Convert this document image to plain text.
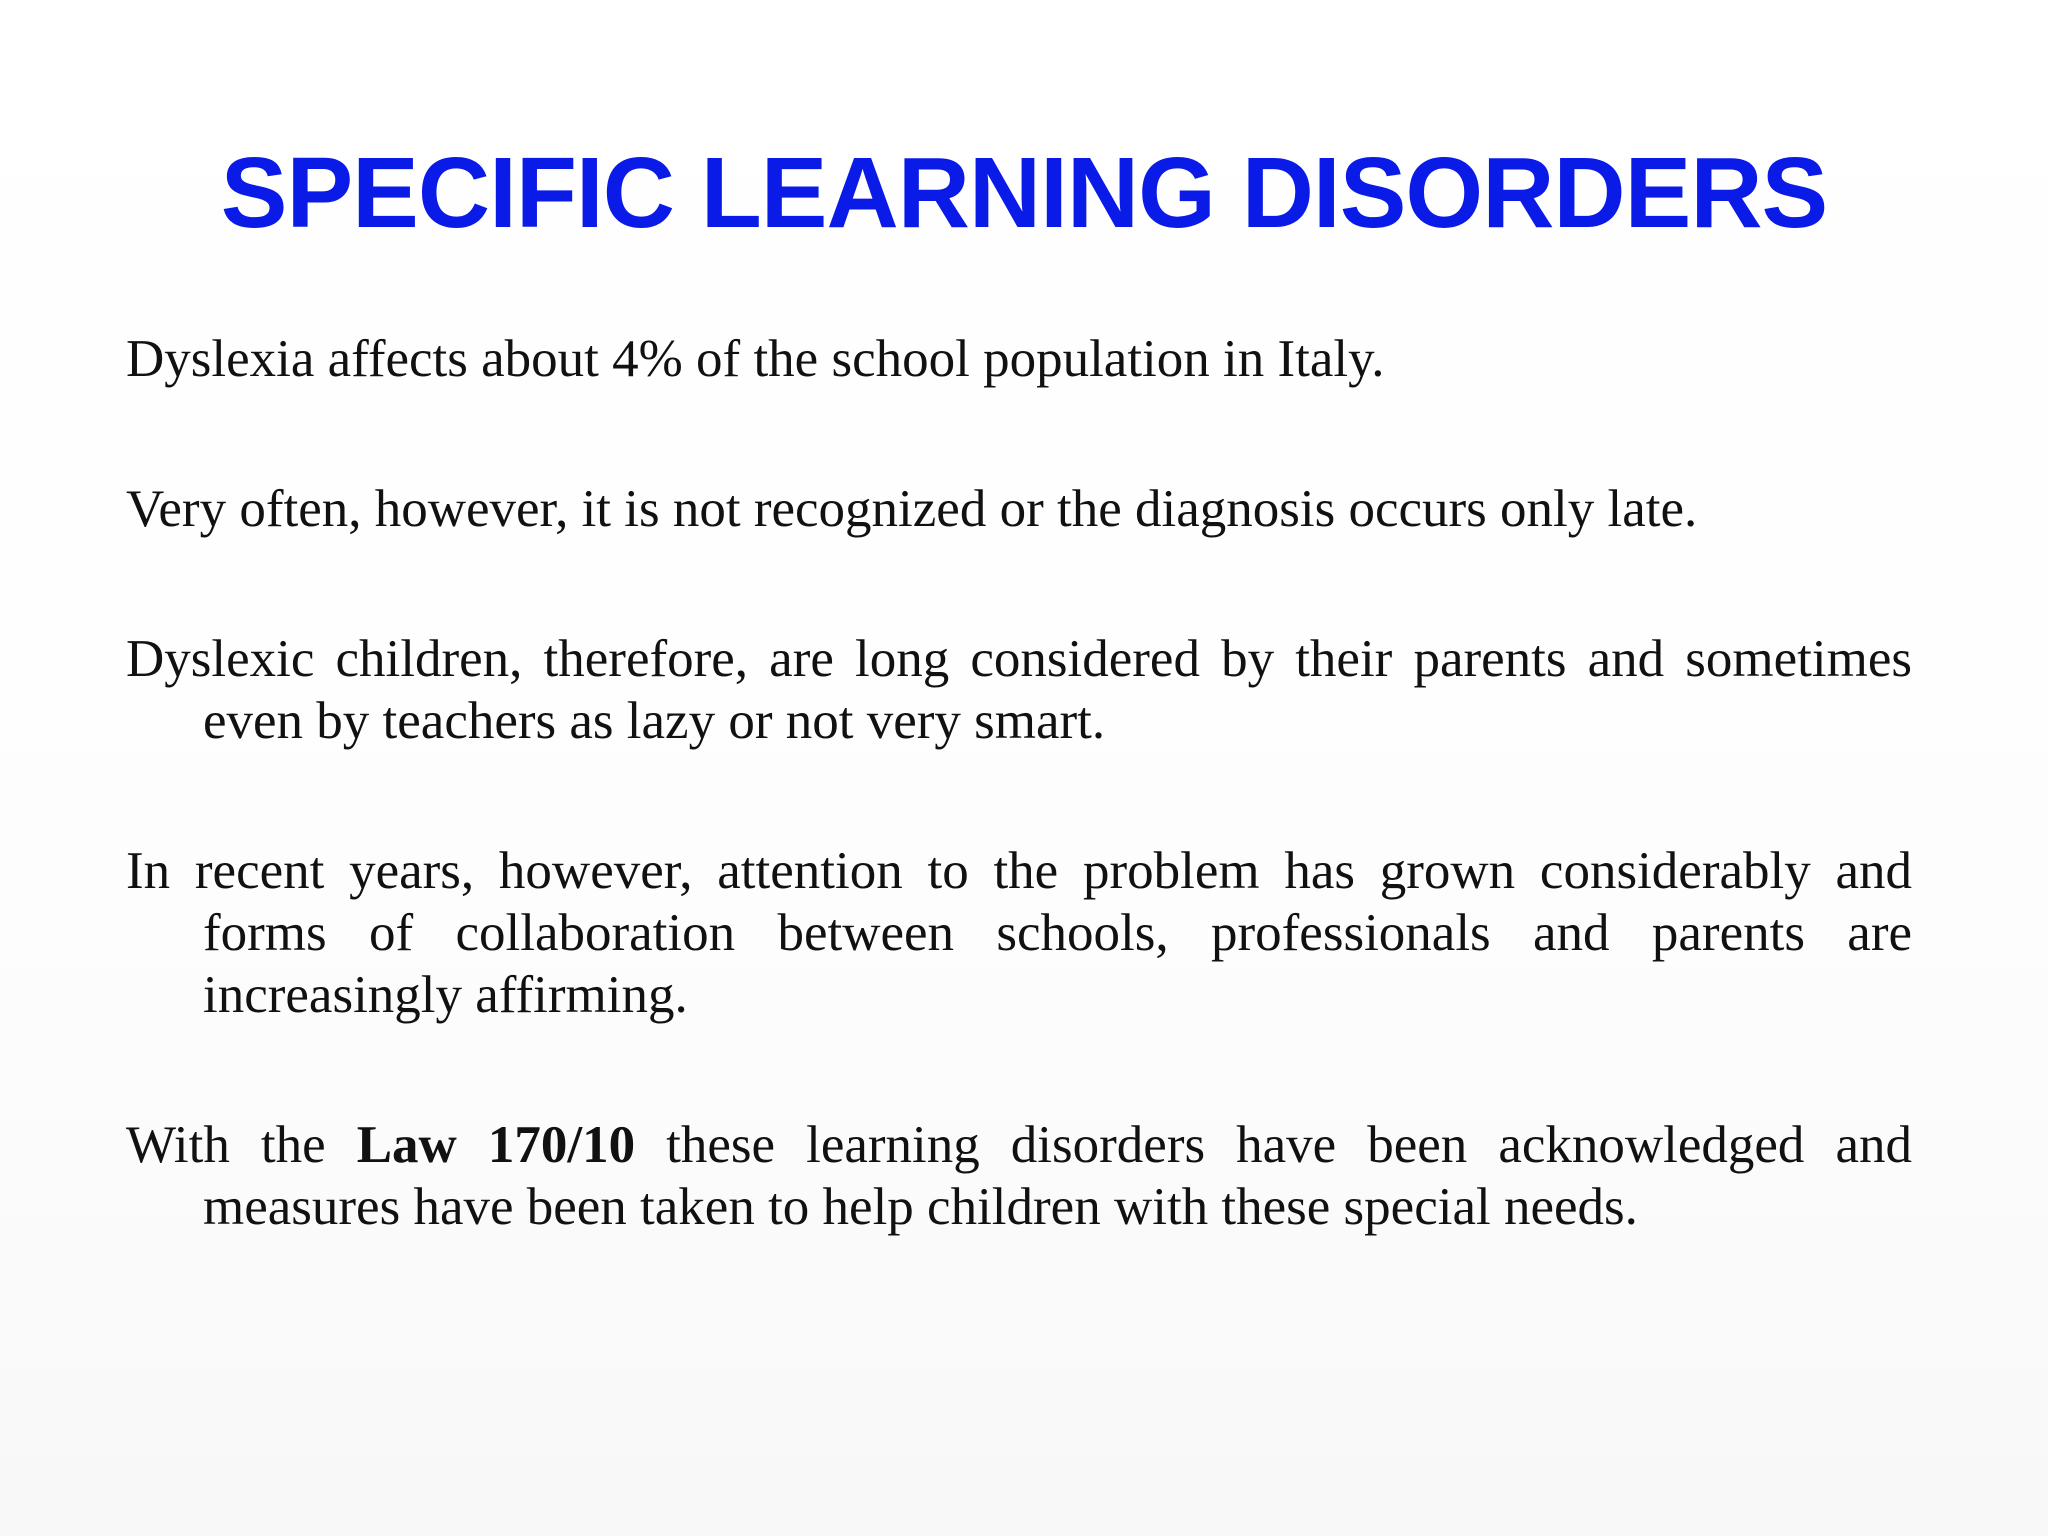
SPECIFIC LEARNING DISORDERS

Dyslexia affects about 4% of the school population in Italy.

Very often, however, it is not recognized or the diagnosis occurs only late.

Dyslexic children, therefore, are long considered by their parents and sometimes even by teachers as lazy or not very smart.

In recent years, however, attention to the problem has grown considerably and forms of collaboration between schools, professionals and parents are increasingly affirming.

With the Law 170/10 these learning disorders have been acknowledged and measures have been taken to help children with these special needs.
